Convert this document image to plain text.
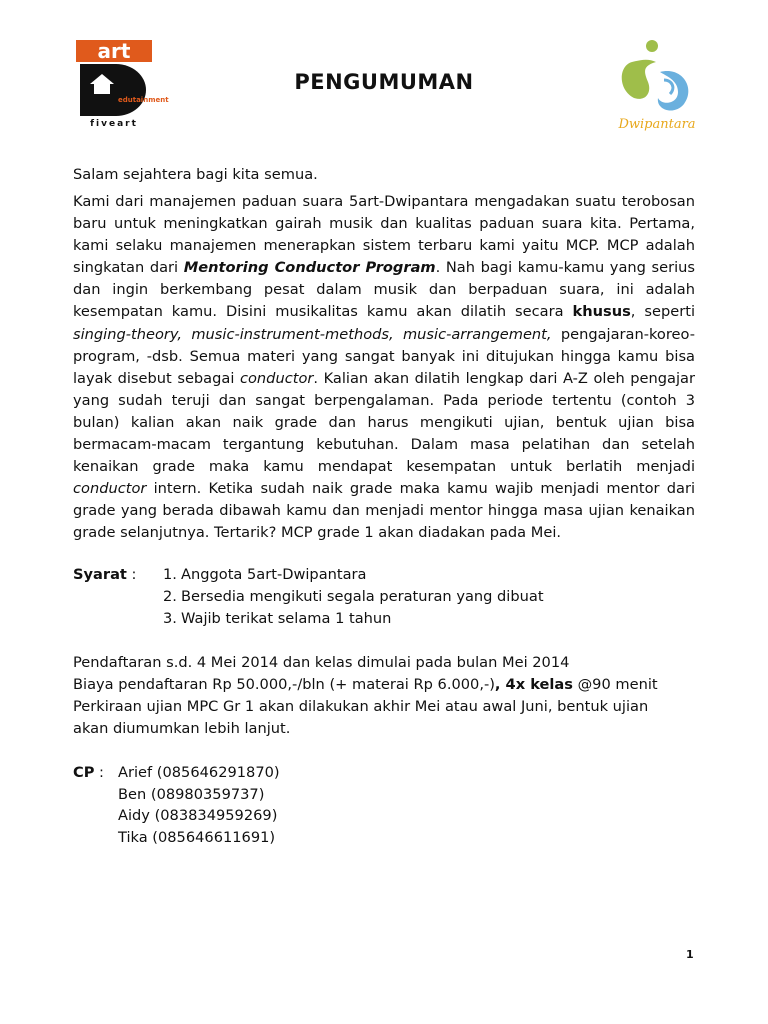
art
edutainment
fiveart
PENGUMUMAN
Dwipantara
Salam sejahtera bagi kita semua.

Kami dari manajemen paduan suara 5art-Dwipantara mengadakan suatu terobosan baru untuk meningkatkan gairah musik dan kualitas paduan suara kita. Pertama, kami selaku manajemen menerapkan sistem terbaru kami yaitu MCP. MCP adalah singkatan dari Mentoring Conductor Program. Nah bagi kamu-kamu yang serius dan ingin berkembang pesat dalam musik dan berpaduan suara, ini adalah kesempatan kamu. Disini musikalitas kamu akan dilatih secara khusus, seperti singing-theory, music-instrument-methods, music-arrangement, pengajaran-koreo-program, -dsb. Semua materi yang sangat banyak ini ditujukan hingga kamu bisa layak disebut sebagai conductor. Kalian akan dilatih lengkap dari A-Z oleh pengajar yang sudah teruji dan sangat berpengalaman. Pada periode tertentu (contoh 3 bulan) kalian akan naik grade dan harus mengikuti ujian, bentuk ujian bisa bermacam-macam tergantung kebutuhan. Dalam masa pelatihan dan setelah kenaikan grade maka kamu mendapat kesempatan untuk berlatih menjadi conductor intern. Ketika sudah naik grade maka kamu wajib menjadi mentor dari grade yang berada dibawah kamu dan menjadi mentor hingga masa ujian kenaikan grade selanjutnya. Tertarik? MCP grade 1 akan diadakan pada Mei.

Syarat :	1. Anggota 5art-Dwipantara
2. Bersedia mengikuti segala peraturan yang dibuat
3. Wajib terikat selama 1 tahun
Pendaftaran s.d. 4 Mei 2014 dan kelas dimulai pada bulan Mei 2014
Biaya pendaftaran Rp 50.000,-/bln (+ materai Rp 6.000,-), 4x kelas @90 menit
Perkiraan ujian MPC Gr 1 akan dilakukan akhir Mei atau awal Juni, bentuk ujian
akan diumumkan lebih lanjut.
CP : Arief (085646291870)
Ben (08980359737)
Aidy (083834959269)
Tika (085646611691)
1
